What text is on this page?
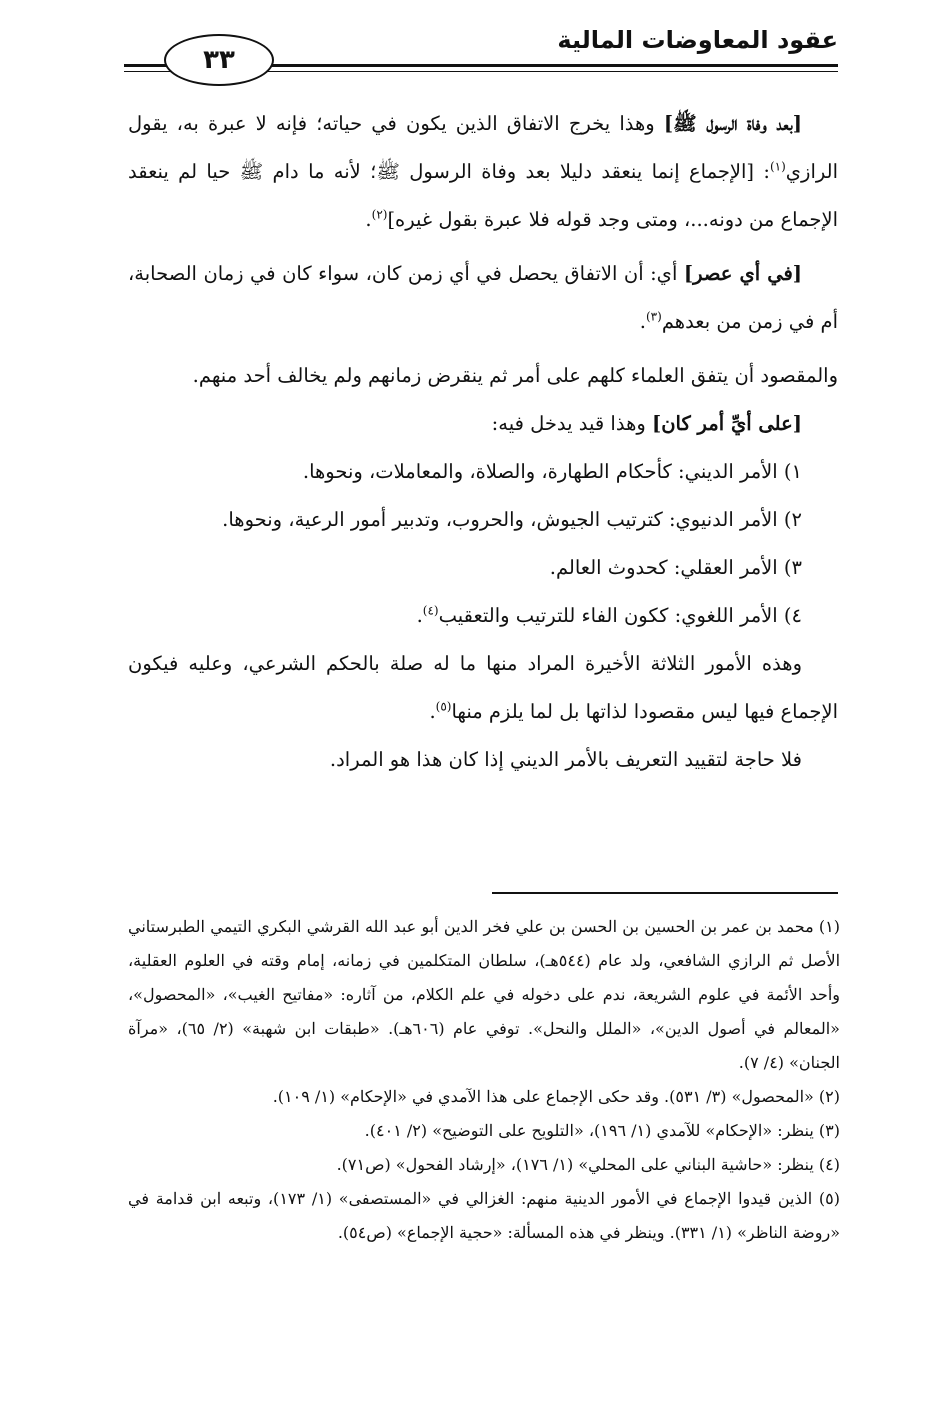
عقود المعاوضات المالية
٣٣

[بعد وفاة الرسول ﷺ] وهذا يخرج الاتفاق الذين يكون في حياته؛ فإنه لا عبرة به، يقول الرازي$^{(١)}$: [الإجماع إنما ينعقد دليلا بعد وفاة الرسول ﷺ؛ لأنه ما دام ﷺ حيا لم ينعقد الإجماع من دونه...، ومتى وجد قوله فلا عبرة بقول غيره]$^{(٢)}$.

[في أي عصر] أي: أن الاتفاق يحصل في أي زمن كان، سواء كان في زمان الصحابة، أم في زمن من بعدهم$^{(٣)}$.

والمقصود أن يتفق العلماء كلهم على أمر ثم ينقرض زمانهم ولم يخالف أحد منهم.

[على أيِّ أمر كان] وهذا قيد يدخل فيه:

١) الأمر الديني: كأحكام الطهارة، والصلاة، والمعاملات، ونحوها.

٢) الأمر الدنيوي: كترتيب الجيوش، والحروب، وتدبير أمور الرعية، ونحوها.

٣) الأمر العقلي: كحدوث العالم.

٤) الأمر اللغوي: ككون الفاء للترتيب والتعقيب$^{(٤)}$.

وهذه الأمور الثلاثة الأخيرة المراد منها ما له صلة بالحكم الشرعي، وعليه فيكون الإجماع فيها ليس مقصودا لذاتها بل لما يلزم منها$^{(٥)}$.

فلا حاجة لتقييد التعريف بالأمر الديني إذا كان هذا هو المراد.

(١) محمد بن عمر بن الحسين بن الحسن بن علي فخر الدين أبو عبد الله القرشي البكري التيمي الطبرستاني الأصل ثم الرازي الشافعي، ولد عام (٥٤٤هـ)، سلطان المتكلمين في زمانه، إمام وقته في العلوم العقلية، وأحد الأئمة في علوم الشريعة، ندم على دخوله في علم الكلام، من آثاره: «مفاتيح الغيب»، «المحصول»، «المعالم في أصول الدين»، «الملل والنحل». توفي عام (٦٠٦هـ). «طبقات ابن شهبة» (٢/ ٦٥)، «مرآة الجنان» (٤/ ٧).

(٢) «المحصول» (٣/ ٥٣١). وقد حكى الإجماع على هذا الآمدي في «الإحكام» (١/ ١٠٩).

(٣) ينظر: «الإحكام» للآمدي (١/ ١٩٦)، «التلويح على التوضيح» (٢/ ٤٠١).

(٤) ينظر: «حاشية البناني على المحلي» (١/ ١٧٦)، «إرشاد الفحول» (ص٧١).

(٥) الذين قيدوا الإجماع في الأمور الدينية منهم: الغزالي في «المستصفى» (١/ ١٧٣)، وتبعه ابن قدامة في «روضة الناظر» (١/ ٣٣١). وينظر في هذه المسألة: «حجية الإجماع» (ص٥٤).
